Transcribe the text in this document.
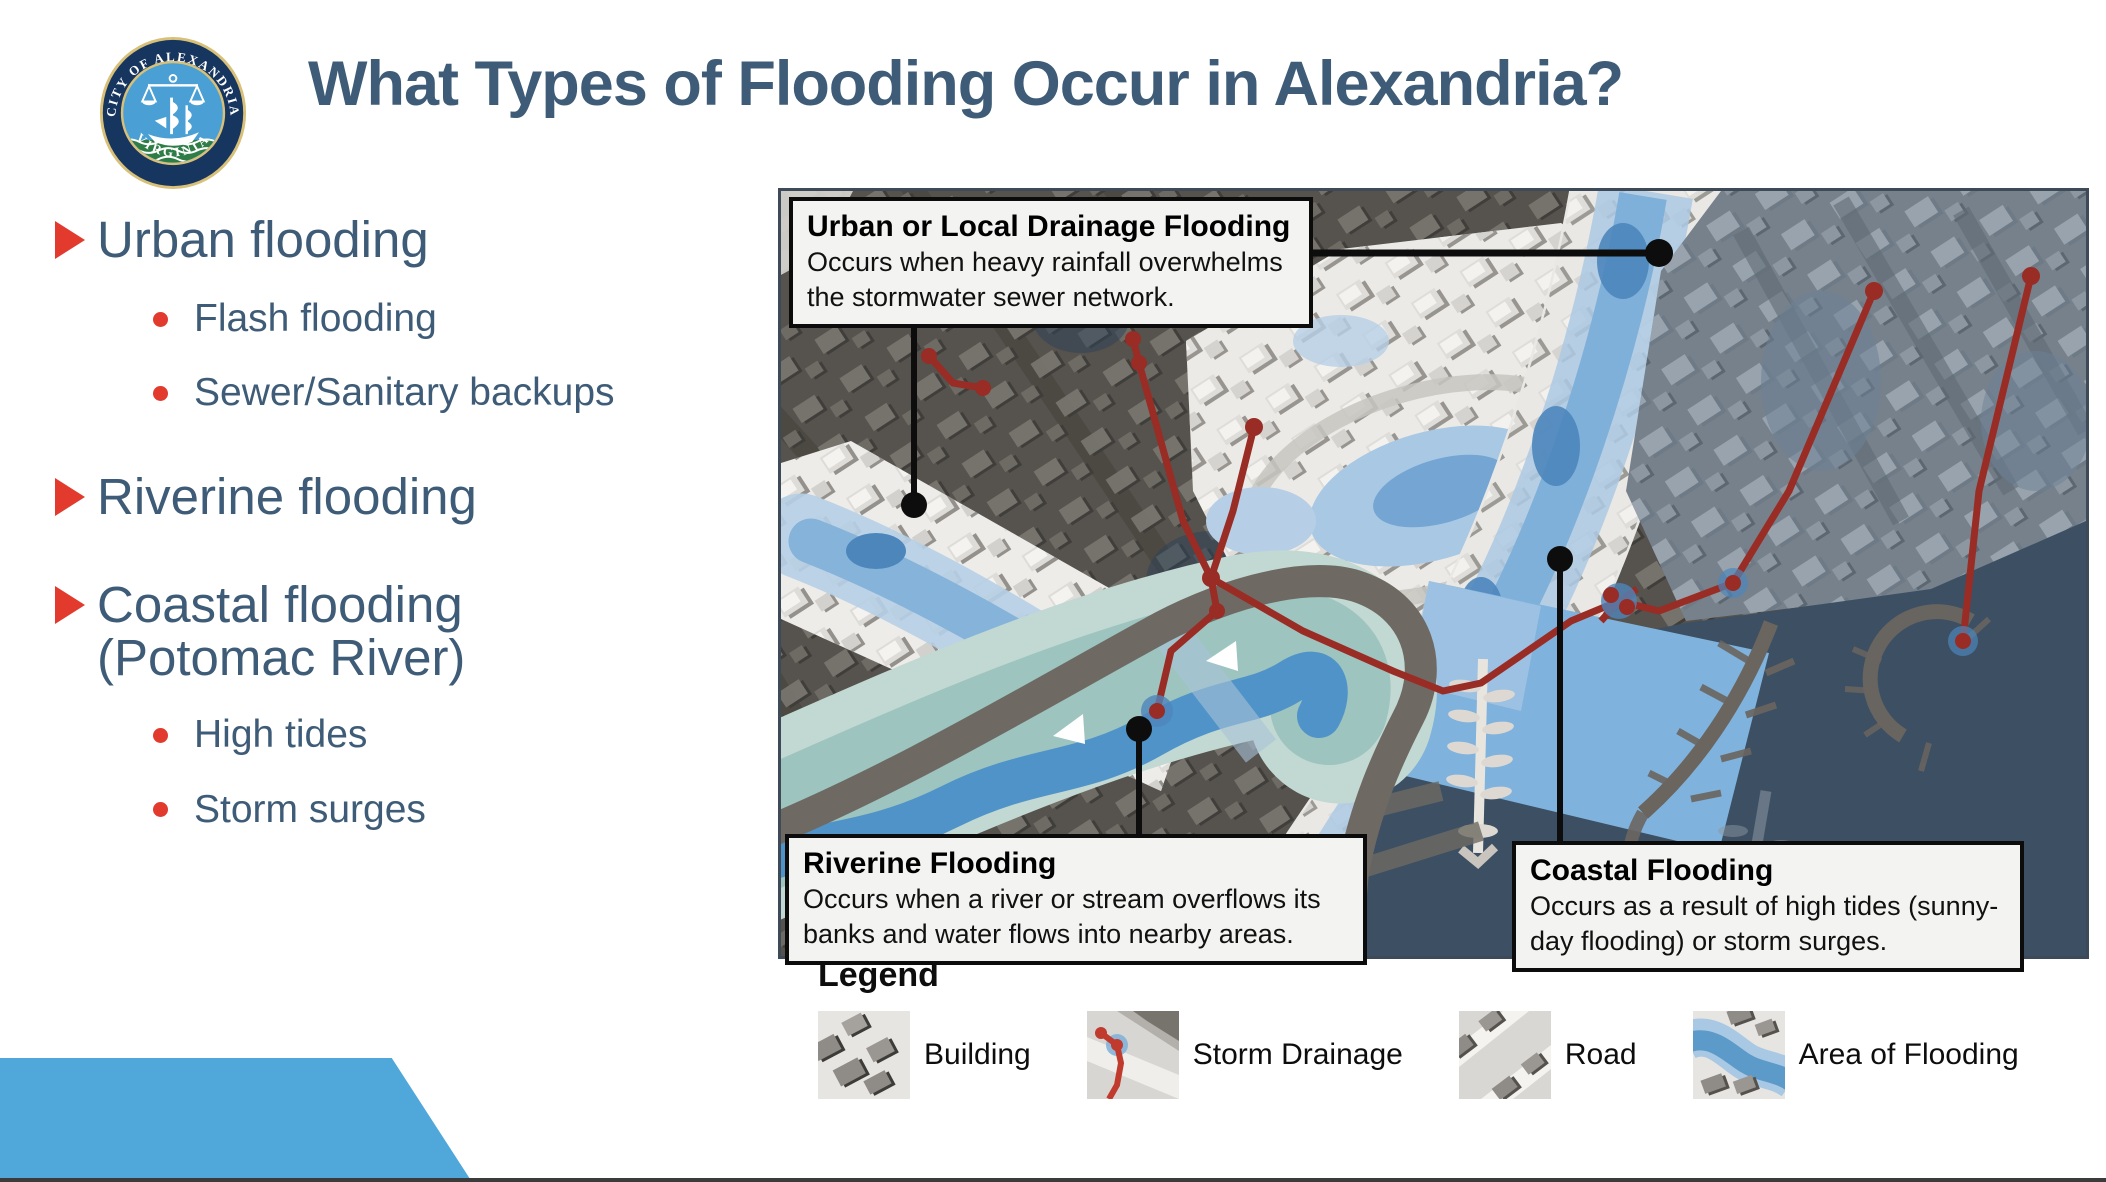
CITY OF ALEXANDRIA
VIRGINIA
What Types of Flooding Occur in Alexandria?
Urban flooding
Flash flooding
Sewer/Sanitary backups
Riverine flooding
Coastal flooding
(Potomac River)
High tides
Storm surges
Urban or Local Drainage Flooding
Occurs when heavy rainfall overwhelms the stormwater sewer network.
Riverine Flooding
Occurs when a river or stream overflows its banks and water flows into nearby areas.
Coastal Flooding
Occurs as a result of high tides (sunny-day flooding) or storm surges.
Legend
Building	Storm Drainage	Road	Area of Flooding
